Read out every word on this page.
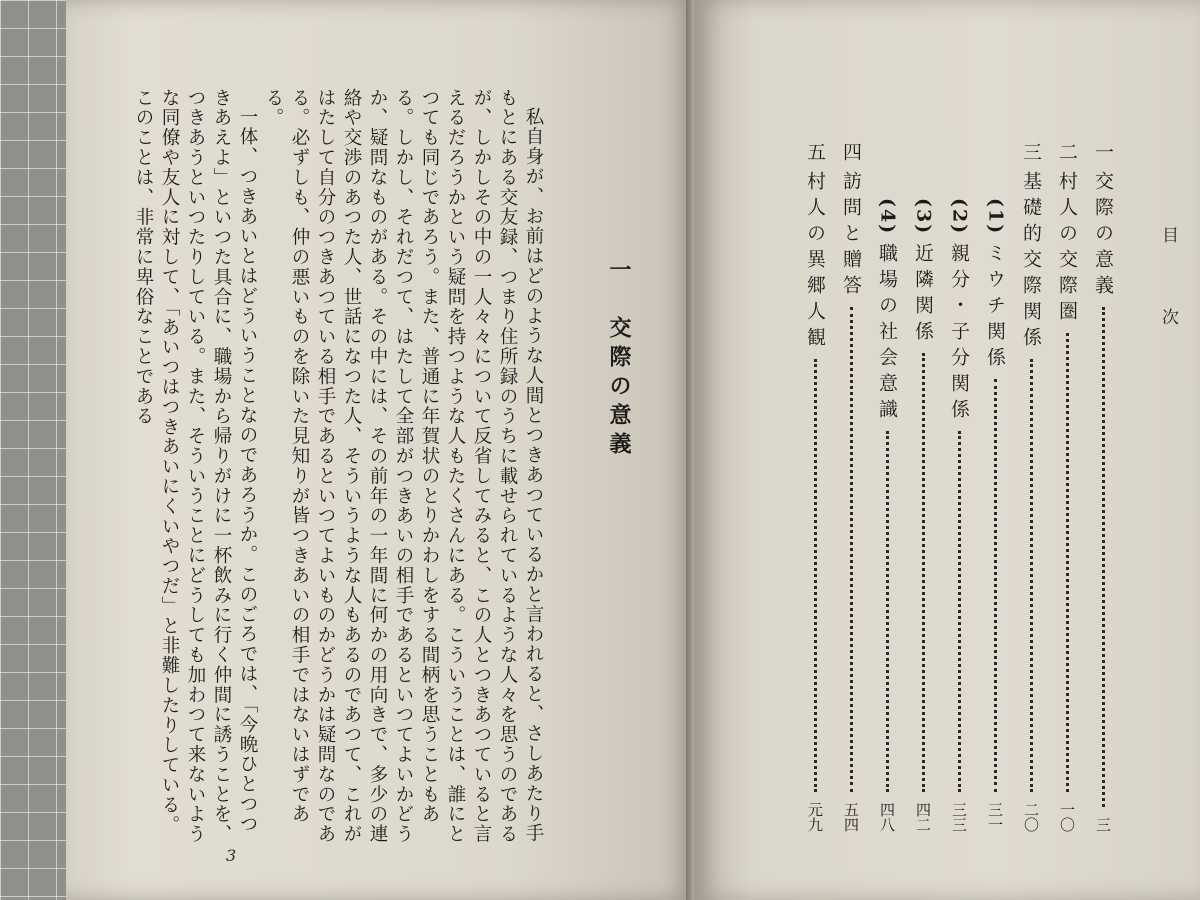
私自身が、お前はどのような人間とつきあつているかと言われると、さしあたり手もとにある交友録、つまり住所録のうちに載せられているような人々を思うのであるが、しかしその中の一人々々について反省してみると、この人とつきあつていると言えるだろうかという疑問を持つような人もたくさんにある。こういうことは、誰にとつても同じであろう。また、普通に年賀状のとりかわしをする間柄を思うこともある。しかし、それだつて、はたして全部がつきあいの相手であるといつてよいかどうか、疑問なものがある。その中には、その前年の一年間に何かの用向きで、多少の連絡や交渉のあつた人、世話になつた人、そういうような人もあるのであつて、これがはたして自分のつきあつている相手であるといつてよいものかどうかは疑問なのである。必ずしも、仲の悪いものを除いた見知りが皆つきあいの相手ではないはずである。

一体、つきあいとはどういうことなのであろうか。このごろでは、「今晩ひとつつきあえよ」といつた具合に、職場から帰りがけに一杯飲みに行く仲間に誘うことを、つきあうといつたりしている。また、そういうことにどうしても加わつて来ないような同僚や友人に対して、「あいつはつきあいにくいやつだ」と非難したりしている。このことは、非常に卑俗なことである	一　交際の意義
3
目　次
一
交際の意義
三
二
村人の交際圏
一〇
三
基礎的交際関係
二〇
(1)
ミウチ関係
三一
(2)
親分・子分関係
三三
(3)
近隣関係
四二
(4)
職場の社会意識
四八
四
訪問と贈答
五四
五
村人の異郷人観
元九
